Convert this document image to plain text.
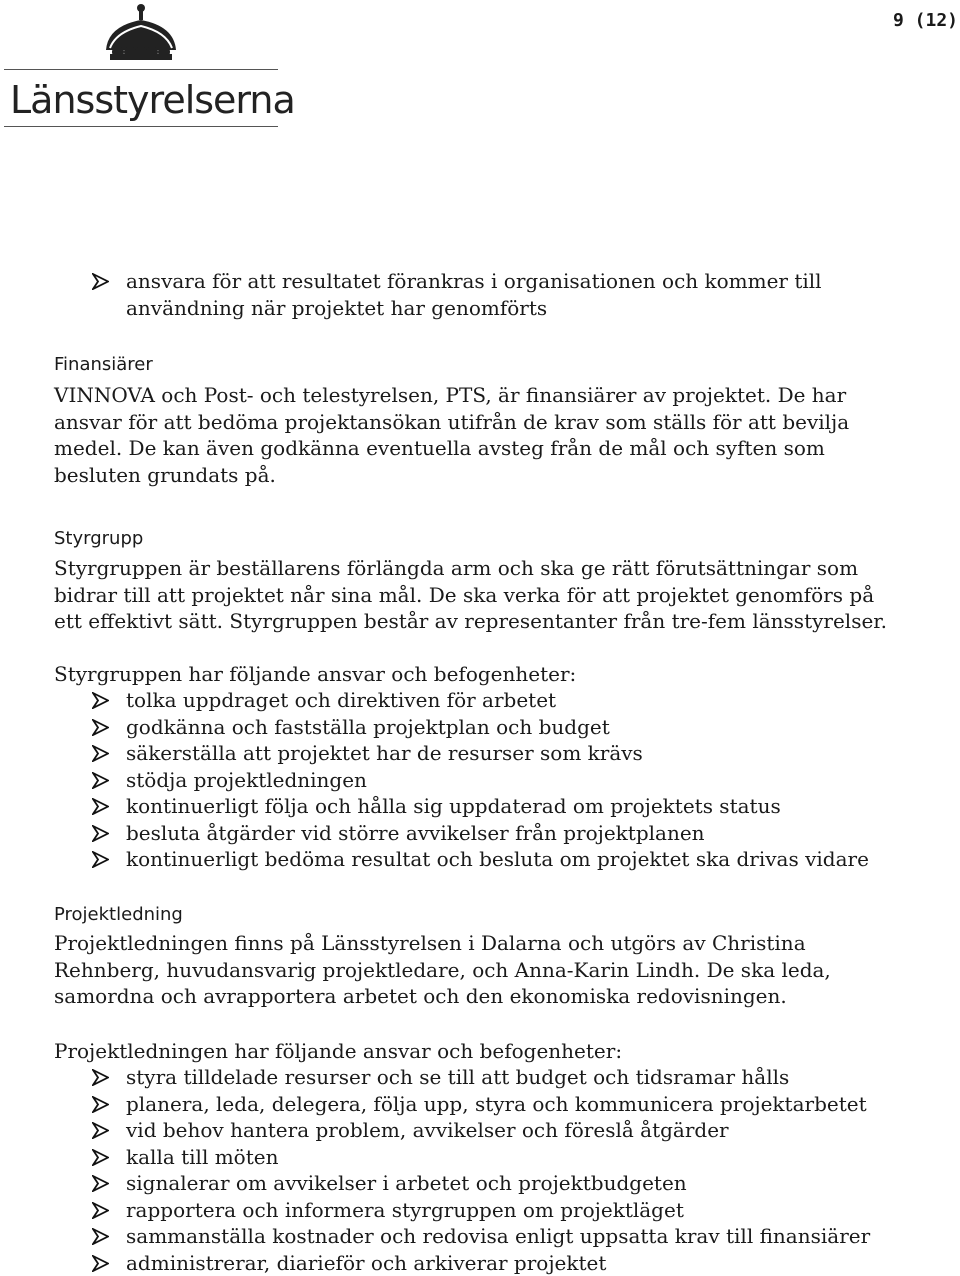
9 (12)
Länsstyrelserna
ansvara för att resultatet förankras i organisationen och kommer till
användning när projektet har genomförts
Finansiärer
VINNOVA och Post- och telestyrelsen, PTS, är finansiärer av projektet. De har
ansvar för att bedöma projektansökan utifrån de krav som ställs för att bevilja
medel. De kan även godkänna eventuella avsteg från de mål och syften som
besluten grundats på.
Styrgrupp
Styrgruppen är beställarens förlängda arm och ska ge rätt förutsättningar som
bidrar till att projektet når sina mål. De ska verka för att projektet genomförs på
ett effektivt sätt. Styrgruppen består av representanter från tre-fem länsstyrelser.
Styrgruppen har följande ansvar och befogenheter:
tolka uppdraget och direktiven för arbetet
godkänna och fastställa projektplan och budget
säkerställa att projektet har de resurser som krävs
stödja projektledningen
kontinuerligt följa och hålla sig uppdaterad om projektets status
besluta åtgärder vid större avvikelser från projektplanen
kontinuerligt bedöma resultat och besluta om projektet ska drivas vidare
Projektledning
Projektledningen finns på Länsstyrelsen i Dalarna och utgörs av Christina
Rehnberg, huvudansvarig projektledare, och Anna-Karin Lindh. De ska leda,
samordna och avrapportera arbetet och den ekonomiska redovisningen.
Projektledningen har följande ansvar och befogenheter:
styra tilldelade resurser och se till att budget och tidsramar hålls
planera, leda, delegera, följa upp, styra och kommunicera projektarbetet
vid behov hantera problem, avvikelser och föreslå åtgärder
kalla till möten
signalerar om avvikelser i arbetet och projektbudgeten
rapportera och informera styrgruppen om projektläget
sammanställa kostnader och redovisa enligt uppsatta krav till finansiärer
administrerar, diarieför och arkiverar projektet
